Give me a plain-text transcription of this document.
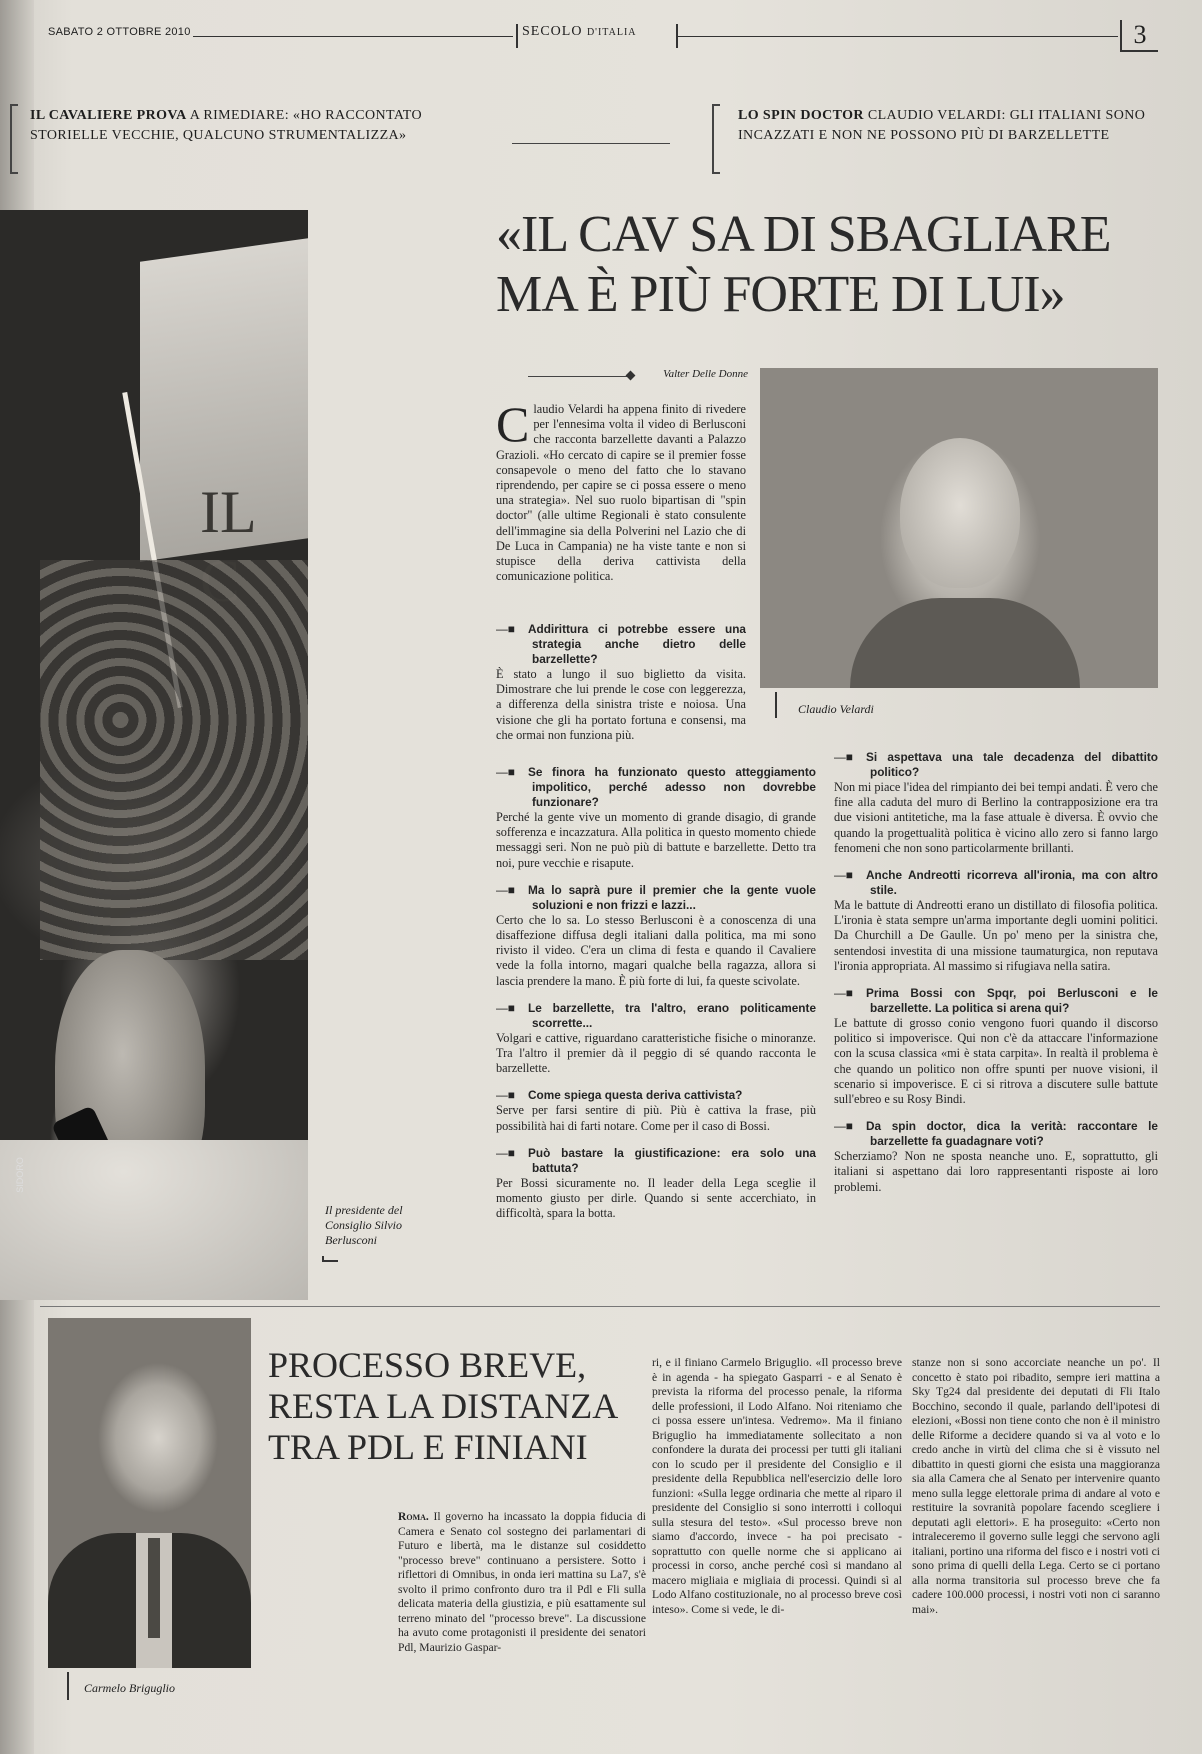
SABATO 2 OTTOBRE 2010	SECOLO D'ITALIA	3
IL CAVALIERE PROVA A RIMEDIARE: «HO RACCONTATO STORIELLE VECCHIE, QUALCUNO STRUMENTALIZZA»
LO SPIN DOCTOR CLAUDIO VELARDI: GLI ITALIANI SONO INCAZZATI E NON NE POSSONO PIÙ DI BARZELLETTE
IL
SIDORO
Il presidente del Consiglio Silvio Berlusconi
«IL CAV SA DI SBAGLIARE MA È PIÙ FORTE DI LUI»
Valter Delle Donne
Claudio Velardi

Claudio Velardi ha appena finito di rivedere per l'ennesima volta il video di Berlusconi che racconta barzellette davanti a Palazzo Grazioli. «Ho cercato di capire se il premier fosse consapevole o meno del fatto che lo stavano riprendendo, per capire se ci possa essere o meno una strategia». Nel suo ruolo bipartisan di "spin doctor" (alle ultime Regionali è stato consulente dell'immagine sia della Polverini nel Lazio che di De Luca in Campania) ne ha viste tante e non si stupisce della deriva cattivista della comunicazione politica.

—■ Addirittura ci potrebbe essere una strategia anche dietro delle barzellette?

È stato a lungo il suo biglietto da visita. Dimostrare che lui prende le cose con leggerezza, a differenza della sinistra triste e noiosa. Una visione che gli ha portato fortuna e consensi, ma che ormai non funziona più.

—■ Se finora ha funzionato questo atteggiamento impolitico, perché adesso non dovrebbe funzionare?

Perché la gente vive un momento di grande disagio, di grande sofferenza e incazzatura. Alla politica in questo momento chiede messaggi seri. Non ne può più di battute e barzellette. Detto tra noi, pure vecchie e risapute.

—■ Ma lo saprà pure il premier che la gente vuole soluzioni e non frizzi e lazzi...

Certo che lo sa. Lo stesso Berlusconi è a conoscenza di una disaffezione diffusa degli italiani dalla politica, ma mi sono rivisto il video. C'era un clima di festa e quando il Cavaliere vede la folla intorno, magari qualche bella ragazza, allora si lascia prendere la mano. È più forte di lui, fa queste scivolate.

—■ Le barzellette, tra l'altro, erano politicamente scorrette...

Volgari e cattive, riguardano caratteristiche fisiche o minoranze. Tra l'altro il premier dà il peggio di sé quando racconta le barzellette.

—■ Come spiega questa deriva cattivista?

Serve per farsi sentire di più. Più è cattiva la frase, più possibilità hai di farti notare. Come per il caso di Bossi.

—■ Può bastare la giustificazione: era solo una battuta?

Per Bossi sicuramente no. Il leader della Lega sceglie il momento giusto per dirle. Quando si sente accerchiato, in difficoltà, spara la botta.

—■ Si aspettava una tale decadenza del dibattito politico?

Non mi piace l'idea del rimpianto dei bei tempi andati. È vero che fine alla caduta del muro di Berlino la contrapposizione era tra due visioni antitetiche, ma la fase attuale è diversa. È ovvio che quando la progettualità politica è vicino allo zero si fanno largo fenomeni che non sono particolarmente brillanti.

—■ Anche Andreotti ricorreva all'ironia, ma con altro stile.

Ma le battute di Andreotti erano un distillato di filosofia politica. L'ironia è stata sempre un'arma importante degli uomini politici. Da Churchill a De Gaulle. Un po' meno per la sinistra che, sentendosi investita di una missione taumaturgica, non reputava l'ironia appropriata. Al massimo si rifugiava nella satira.

—■ Prima Bossi con Spqr, poi Berlusconi e le barzellette. La politica si arena qui?

Le battute di grosso conio vengono fuori quando il discorso politico si impoverisce. Qui non c'è da attaccare l'informazione con la scusa classica «mi è stata carpita». In realtà il problema è che quando un politico non offre spunti per nuove visioni, il scenario si impoverisce. E ci si ritrova a discutere sulle battute sull'ebreo e su Rosy Bindi.

—■ Da spin doctor, dica la verità: raccontare le barzellette fa guadagnare voti?

Scherziamo? Non ne sposta neanche uno. E, soprattutto, gli italiani si aspettano dai loro rappresentanti risposte ai loro problemi.

Carmelo Briguglio
PROCESSO BREVE, RESTA LA DISTANZA TRA PDL E FINIANI

Roma. Il governo ha incassato la doppia fiducia di Camera e Senato col sostegno dei parlamentari di Futuro e libertà, ma le distanze sul cosiddetto "processo breve" continuano a persistere. Sotto i riflettori di Omnibus, in onda ieri mattina su La7, s'è svolto il primo confronto duro tra il Pdl e Fli sulla delicata materia della giustizia, e più esattamente sul terreno minato del "processo breve". La discussione ha avuto come protagonisti il presidente dei senatori Pdl, Maurizio Gaspar-

ri, e il finiano Carmelo Briguglio. «Il processo breve è in agenda - ha spiegato Gasparri - e al Senato è prevista la riforma del processo penale, la riforma delle professioni, il Lodo Alfano. Noi riteniamo che ci possa essere un'intesa. Vedremo». Ma il finiano Briguglio ha immediatamente sollecitato a non confondere la durata dei processi per tutti gli italiani con lo scudo per il presidente del Consiglio e il presidente della Repubblica nell'esercizio delle loro funzioni: «Sulla legge ordinaria che mette al riparo il presidente del Consiglio si sono interrotti i colloqui sulla stesura del testo». «Sul processo breve non siamo d'accordo, invece - ha poi precisato - soprattutto con quelle norme che si applicano ai processi in corso, anche perché così si mandano al macero migliaia e migliaia di processi. Quindi sì al Lodo Alfano costituzionale, no al processo breve così inteso». Come si vede, le di-

stanze non si sono accorciate neanche un po'. Il concetto è stato poi ribadito, sempre ieri mattina a Sky Tg24 dal presidente dei deputati di Fli Italo Bocchino, secondo il quale, parlando dell'ipotesi di elezioni, «Bossi non tiene conto che non è il ministro delle Riforme a decidere quando si va al voto e lo credo anche in virtù del clima che si è vissuto nel dibattito in questi giorni che esista una maggioranza sia alla Camera che al Senato per intervenire quanto meno sulla legge elettorale prima di andare al voto e restituire la sovranità popolare facendo scegliere i deputati agli elettori». E ha proseguito: «Certo non intraleceremo il governo sulle leggi che servono agli italiani, portino una riforma del fisco e i nostri voti ci sono prima di quelli della Lega. Certo se ci portano alla norma transitoria sul processo breve che fa cadere 100.000 processi, i nostri voti non ci saranno mai».
